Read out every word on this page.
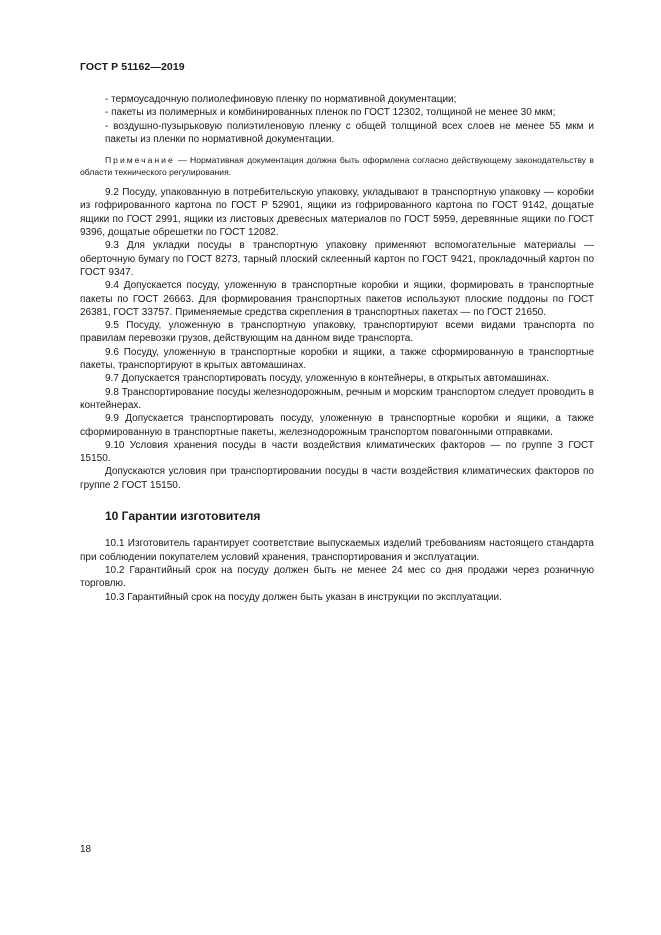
ГОСТ Р 51162—2019

- термоусадочную полиолефиновую пленку по нормативной документации;

- пакеты из полимерных и комбинированных пленок по ГОСТ 12302, толщиной не менее 30 мкм;

- воздушно-пузырьковую полиэтиленовую пленку с общей толщиной всех слоев не менее 55 мкм и пакеты из пленки по нормативной документации.

Примечание — Нормативная документация должна быть оформлена согласно действующему законодательству в области технического регулирования.

9.2 Посуду, упакованную в потребительскую упаковку, укладывают в транспортную упаковку — коробки из гофрированного картона по ГОСТ Р 52901, ящики из гофрированного картона по ГОСТ 9142, дощатые ящики по ГОСТ 2991, ящики из листовых древесных материалов по ГОСТ 5959, деревянные ящики по ГОСТ 9396, дощатые обрешетки по ГОСТ 12082.

9.3 Для укладки посуды в транспортную упаковку применяют вспомогательные материалы — оберточную бумагу по ГОСТ 8273, тарный плоский склеенный картон по ГОСТ 9421, прокладочный картон по ГОСТ 9347.

9.4 Допускается посуду, уложенную в транспортные коробки и ящики, формировать в транспортные пакеты по ГОСТ 26663. Для формирования транспортных пакетов используют плоские поддоны по ГОСТ 26381, ГОСТ 33757. Применяемые средства скрепления в транспортных пакетах — по ГОСТ 21650.

9.5 Посуду, уложенную в транспортную упаковку, транспортируют всеми видами транспорта по правилам перевозки грузов, действующим на данном виде транспорта.

9.6 Посуду, уложенную в транспортные коробки и ящики, а также сформированную в транспортные пакеты, транспортируют в крытых автомашинах.

9.7 Допускается транспортировать посуду, уложенную в контейнеры, в открытых автомашинах.

9.8 Транспортирование посуды железнодорожным, речным и морским транспортом следует проводить в контейнерах.

9.9 Допускается транспортировать посуду, уложенную в транспортные коробки и ящики, а также сформированную в транспортные пакеты, железнодорожным транспортом повагонными отправками.

9.10 Условия хранения посуды в части воздействия климатических факторов — по группе 3 ГОСТ 15150.

Допускаются условия при транспортировании посуды в части воздействия климатических факторов по группе 2 ГОСТ 15150.

10 Гарантии изготовителя

10.1 Изготовитель гарантирует соответствие выпускаемых изделий требованиям настоящего стандарта при соблюдении покупателем условий хранения, транспортирования и эксплуатации.

10.2 Гарантийный срок на посуду должен быть не менее 24 мес со дня продажи через розничную торговлю.

10.3 Гарантийный срок на посуду должен быть указан в инструкции по эксплуатации.

18
